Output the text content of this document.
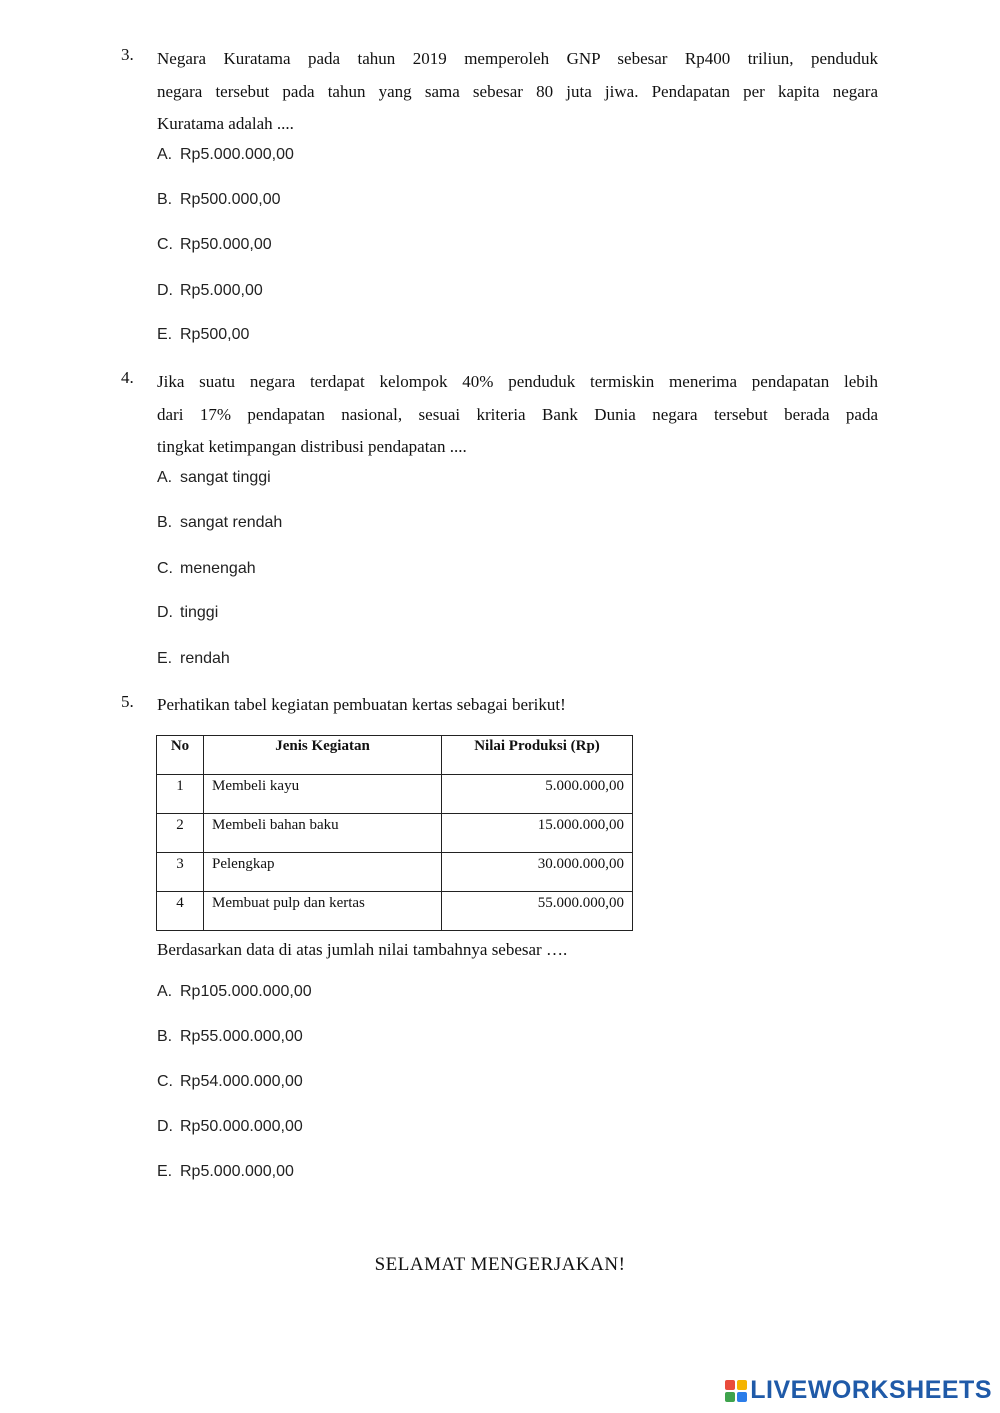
3. Negara Kuratama pada tahun 2019 memperoleh GNP sebesar Rp400 triliun, penduduk
negara tersebut pada tahun yang sama sebesar 80 juta jiwa. Pendapatan per kapita negara
Kuratama adalah ....
A. Rp5.000.000,00
B. Rp500.000,00
C. Rp50.000,00
D. Rp5.000,00
E. Rp500,00
4. Jika suatu negara terdapat kelompok 40% penduduk termiskin menerima pendapatan lebih
dari 17% pendapatan nasional, sesuai kriteria Bank Dunia negara tersebut berada pada
tingkat ketimpangan distribusi pendapatan ....
A. sangat tinggi
B. sangat rendah
C. menengah
D. tinggi
E. rendah
5. Perhatikan tabel kegiatan pembuatan kertas sebagai berikut!
No	Jenis Kegiatan	Nilai Produksi (Rp)
1	Membeli kayu	5.000.000,00
2	Membeli bahan baku	15.000.000,00
3	Pelengkap	30.000.000,00
4	Membuat pulp dan kertas	55.000.000,00
Berdasarkan data di atas jumlah nilai tambahnya sebesar ….
A. Rp105.000.000,00
B. Rp55.000.000,00
C. Rp54.000.000,00
D. Rp50.000.000,00
E. Rp5.000.000,00
SELAMAT MENGERJAKAN!
LIVEWORKSHEETS
